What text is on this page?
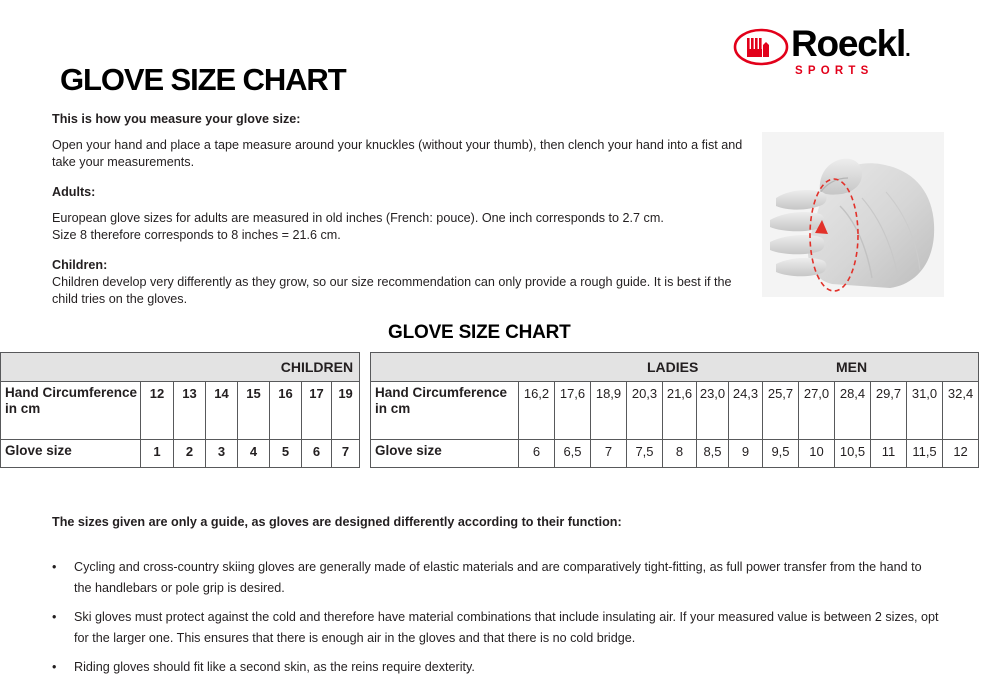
Roeckl.
SPORTS
GLOVE SIZE CHART
This is how you measure your glove size:

Open your hand and place a tape measure around your knuckles (without your thumb), then clench your hand into a fist and take your measurements.

Adults:

European glove sizes for adults are measured in old inches (French: pouce). One inch corresponds to 2.7 cm.

Size 8 therefore corresponds to 8 inches = 21.6 cm.

Children:

Children develop very differently as they grow, so our size recommendation can only provide a rough guide. It is best if the child tries on the gloves.

GLOVE SIZE CHART
CHILDREN							
Hand Circumference in cm	12	13	14	15	16	17	19
Glove size	1	2	3	4	5	6	7
LADIES MEN													

Hand Circumference in cm	16,2	17,6	18,9	20,3	21,6	23,0	24,3	25,7	27,0	28,4	29,7	31,0	32,4
Glove size	6	6,5	7	7,5	8	8,5	9	9,5	10	10,5	11	11,5	12
The sizes given are only a guide, as gloves are designed differently according to their function:
• Cycling and cross-country skiing gloves are generally made of elastic materials and are comparatively tight-fitting, as full power transfer from the hand to the handlebars or pole grip is desired.
• Ski gloves must protect against the cold and therefore have material combinations that include insulating air. If your measured value is between 2 sizes, opt for the larger one. This ensures that there is enough air in the gloves and that there is no cold bridge.
• Riding gloves should fit like a second skin, as the reins require dexterity.
